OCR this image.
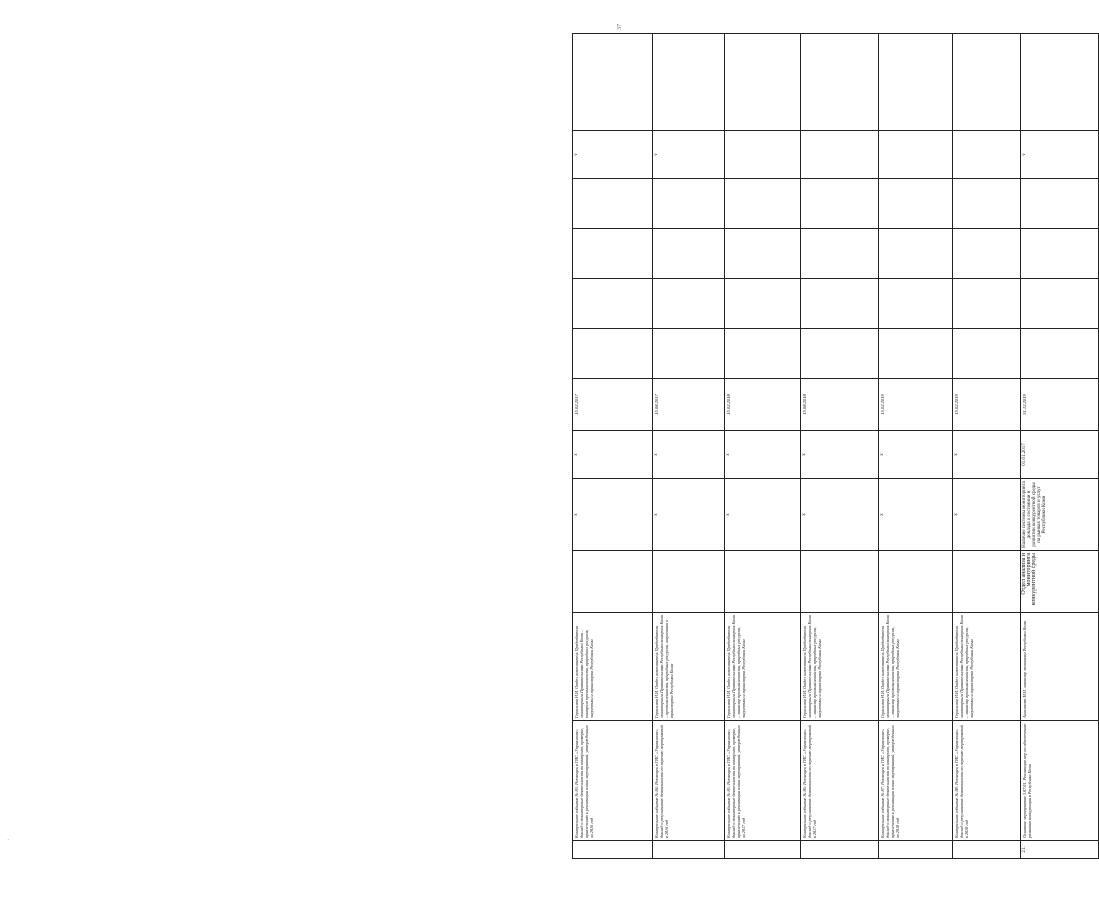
37
·
	Контрольное событие № 83: Размещен в ГИС «Управление» доклад о мониторинге деятельности по контролю, проверке, привлечению к реализации плана мероприятий, утвержденных за 2016 год	Герасимов Н.И. Отдел заместитель Председателя мониторинга Правительства Республики Коми – контроля промышленности, природных ресурсов, энергетики и транспорта Республики Коми		x	x	15.02.2017					v	
	Контрольное событие № 84: Размещен в ГИС «Управление» доклад о результатах деятельности по перечню мероприятий в 2016 год	Герасимов Н.И. Отдел заместитель Председателя мониторинга Правительства Республики контроля Коми – промышленности, природных ресурсов, энергетики и транспорта Республики Коми		x	x	15.08.2017					v	
	Контрольное событие № 85: Размещен в ГИС «Управление» доклад о мониторинге деятельности по контролю, проверке, привлечению к реализации плана мероприятий, утвержденных за 2017 год	Герасимов Н.И. Отдел заместитель Председателя мониторинга Правительства Республики контроля Коми – министр промышленности, природных ресурсов, энергетики и транспорта Республики Коми		x	x	15.02.2018						
	Контрольное событие № 86: Размещен в ГИС «Управление» доклад о результатах деятельности по перечню мероприятий в 2017 год	Герасимов Н.И. Отдел заместитель Председателя мониторинга Правительства Республики контроля Коми – министр промышленности, природных ресурсов, энергетики и транспорта Республики Коми		x	x	15.08.2018						
	Контрольное событие № 87: Размещен в ГИС «Управление» доклад о мониторинге деятельности по контролю, проверке, привлечению к реализации плана мероприятий, утвержденных за 2018 год	Герасимов Н.И. Отдел заместитель Председателя мониторинга Правительства Республики контроля Коми – министр промышленности, природных ресурсов, энергетики и транспорта Республики Коми		x	x	15.02.2019						
	Контрольное событие № 88: Размещен в ГИС «Управление» доклад о результатах деятельности по перечню мероприятий в 2018 год	Герасимов Н.И. Отдел заместитель Председателя мониторинга Правительства Республики контроля Коми – министр промышленности, природных ресурсов, энергетики и транспорта Республики Коми		x	x	15.02.2019						
21.	Основное мероприятие 3.07.01. Реализация мер по обеспечению развития конкуренции в Республике Коми	Анисимова М.Н. министр экономики Республики Коми	Отдел анализа и мониторинга конкурентной среды	Наличие системы мониторинга доклада о состоянии и развитии конкурентной среды на рынках товаров и услуг Республики Коми	01.01.2017	31.12.2019					v	
